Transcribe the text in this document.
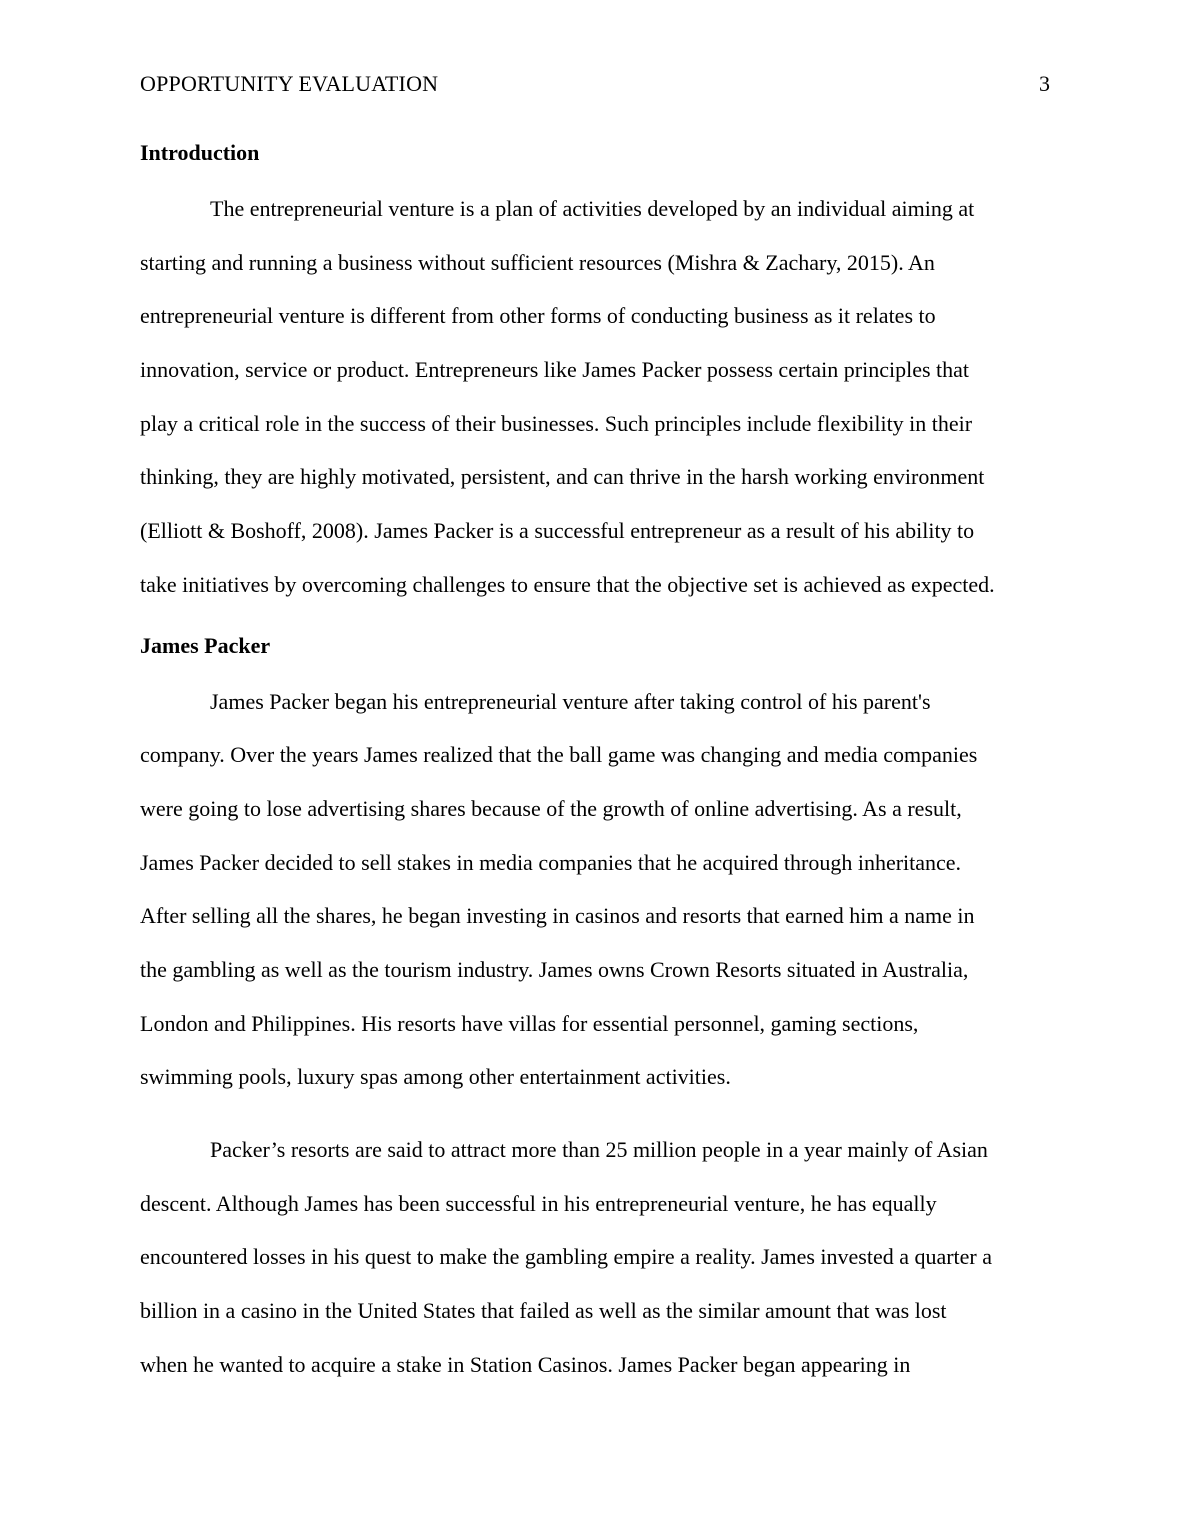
OPPORTUNITY EVALUATION	3
Introduction
The entrepreneurial venture is a plan of activities developed by an individual aiming at
starting and running a business without sufficient resources (Mishra & Zachary, 2015). An
entrepreneurial venture is different from other forms of conducting business as it relates to
innovation, service or product. Entrepreneurs like James Packer possess certain principles that
play a critical role in the success of their businesses. Such principles include flexibility in their
thinking, they are highly motivated, persistent, and can thrive in the harsh working environment
(Elliott & Boshoff, 2008). James Packer is a successful entrepreneur as a result of his ability to
take initiatives by overcoming challenges to ensure that the objective set is achieved as expected.
James Packer
James Packer began his entrepreneurial venture after taking control of his parent's
company. Over the years James realized that the ball game was changing and media companies
were going to lose advertising shares because of the growth of online advertising. As a result,
James Packer decided to sell stakes in media companies that he acquired through inheritance.
After selling all the shares, he began investing in casinos and resorts that earned him a name in
the gambling as well as the tourism industry. James owns Crown Resorts situated in Australia,
London and Philippines. His resorts have villas for essential personnel, gaming sections,
swimming pools, luxury spas among other entertainment activities.
Packer’s resorts are said to attract more than 25 million people in a year mainly of Asian
descent. Although James has been successful in his entrepreneurial venture, he has equally
encountered losses in his quest to make the gambling empire a reality. James invested a quarter a
billion in a casino in the United States that failed as well as the similar amount that was lost
when he wanted to acquire a stake in Station Casinos. James Packer began appearing in
